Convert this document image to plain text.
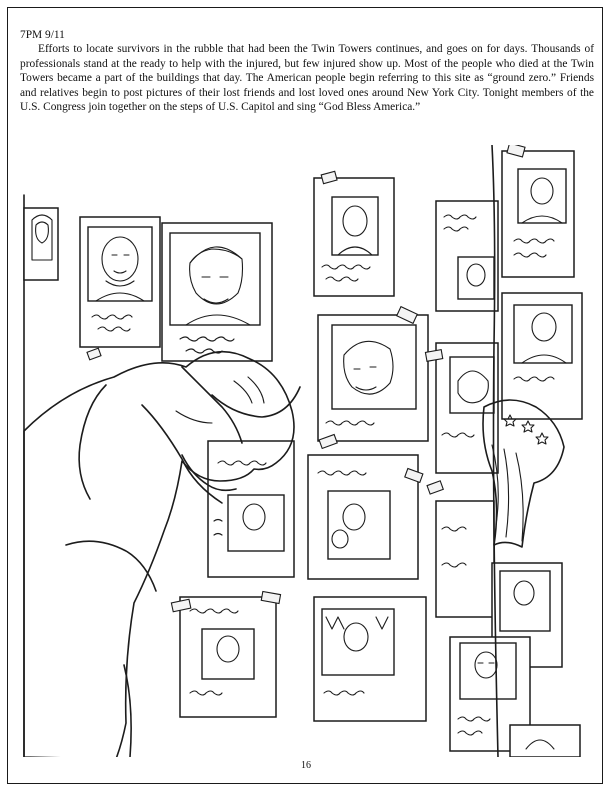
7PM 9/11
Efforts to locate survivors in the rubble that had been the Twin Towers continues, and goes on for days. Thousands of professionals stand at the ready to help with the injured, but few injured show up. Most of the people who died at the Twin Towers became a part of the buildings that day. The American people begin referring to this site as “ground zero.” Friends and relatives begin to post pictures of their lost friends and lost loved ones around New York City. Tonight members of the U.S. Congress join together on the steps of U.S. Capitol and sing “God Bless America.”
16
